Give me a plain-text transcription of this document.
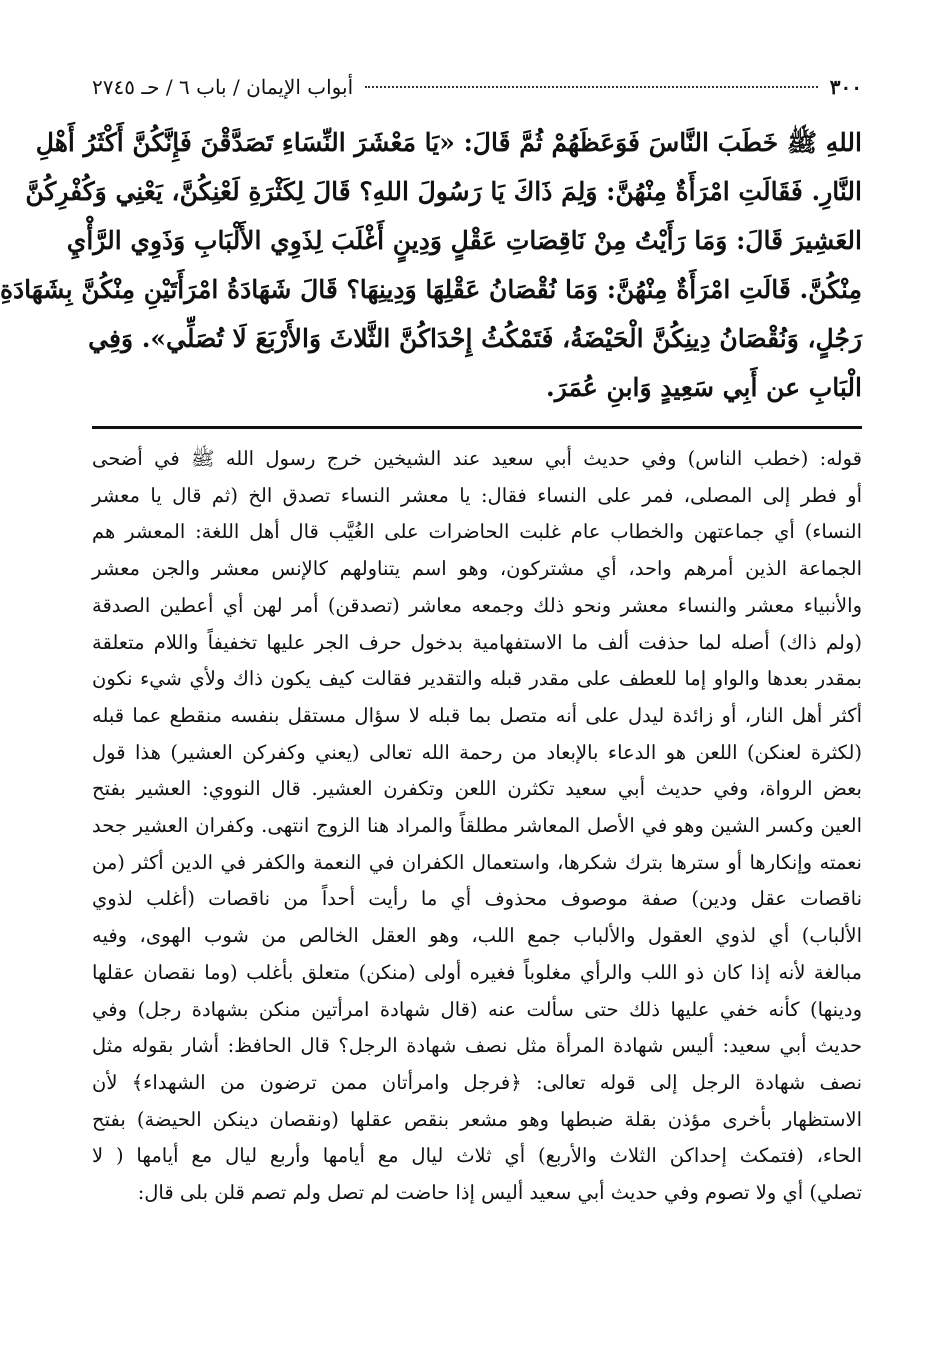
٣٠٠
أبواب الإيمان / باب ٦ / حـ ٢٧٤٥
اللهِ ﷺ خَطَبَ النَّاسَ فَوَعَظَهُمْ ثُمَّ قَالَ: «يَا مَعْشَرَ النِّسَاءِ تَصَدَّقْنَ فَإِنَّكُنَّ أَكْثَرُ أَهْلِ
النَّارِ. فَقَالَتِ امْرَأَةٌ مِنْهُنَّ: وَلِمَ ذَاكَ يَا رَسُولَ اللهِ؟ قَالَ لِكَثْرَةِ لَعْنِكُنَّ، يَعْنِي وَكُفْرِكُنَّ
العَشِيرَ قَالَ: وَمَا رَأَيْتُ مِنْ نَاقِصَاتِ عَقْلٍ وَدِينٍ أَغْلَبَ لِذَوِي الأَلْبَابِ وَذَوِي الرَّأْيِ
مِنْكُنَّ. قَالَتِ امْرَأَةٌ مِنْهُنَّ: وَمَا نُقْصَانُ عَقْلِهَا وَدِينِهَا؟ قَالَ شَهَادَةُ امْرَأَتَيْنِ مِنْكُنَّ بِشَهَادَةِ
رَجُلٍ، وَنُقْصَانُ دِينِكُنَّ الْحَيْضَةُ، فَتَمْكُثُ إِحْدَاكُنَّ الثَّلاثَ وَالأَرْبَعَ لَا تُصَلِّي». وَفِي
الْبَابِ عن أَبِي سَعِيدٍ وَابنِ عُمَرَ.
قوله: (خطب الناس) وفي حديث أبي سعيد عند الشيخين خرج رسول الله ﷺ في أضحى
أو فطر إلى المصلى، فمر على النساء فقال: يا معشر النساء تصدق الخ (ثم قال يا معشر
النساء) أي جماعتهن والخطاب عام غلبت الحاضرات على الغُيَّب قال أهل اللغة: المعشر هم
الجماعة الذين أمرهم واحد، أي مشتركون، وهو اسم يتناولهم كالإنس معشر والجن معشر
والأنبياء معشر والنساء معشر ونحو ذلك وجمعه معاشر (تصدقن) أمر لهن أي أعطين الصدقة
(ولم ذاك) أصله لما حذفت ألف ما الاستفهامية بدخول حرف الجر عليها تخفيفاً واللام متعلقة
بمقدر بعدها والواو إما للعطف على مقدر قبله والتقدير فقالت كيف يكون ذاك ولأي شيء نكون
أكثر أهل النار، أو زائدة ليدل على أنه متصل بما قبله لا سؤال مستقل بنفسه منقطع عما قبله
(لكثرة لعنكن) اللعن هو الدعاء بالإبعاد من رحمة الله تعالى (يعني وكفركن العشير) هذا قول
بعض الرواة، وفي حديث أبي سعيد تكثرن اللعن وتكفرن العشير. قال النووي: العشير بفتح
العين وكسر الشين وهو في الأصل المعاشر مطلقاً والمراد هنا الزوج انتهى. وكفران العشير جحد
نعمته وإنكارها أو سترها بترك شكرها، واستعمال الكفران في النعمة والكفر في الدين أكثر (من
ناقصات عقل ودين) صفة موصوف محذوف أي ما رأيت أحداً من ناقصات (أغلب لذوي
الألباب) أي لذوي العقول والألباب جمع اللب، وهو العقل الخالص من شوب الهوى، وفيه
مبالغة لأنه إذا كان ذو اللب والرأي مغلوباً فغيره أولى (منكن) متعلق بأغلب (وما نقصان عقلها
ودينها) كأنه خفي عليها ذلك حتى سألت عنه (قال شهادة امرأتين منكن بشهادة رجل) وفي
حديث أبي سعيد: أليس شهادة المرأة مثل نصف شهادة الرجل؟ قال الحافظ: أشار بقوله مثل
نصف شهادة الرجل إلى قوله تعالى: ﴿فرجل وامرأتان ممن ترضون من الشهداء﴾ لأن
الاستظهار بأخرى مؤذن بقلة ضبطها وهو مشعر بنقص عقلها (ونقصان دينكن الحيضة) بفتح
الحاء، (فتمكث إحداكن الثلاث والأربع) أي ثلاث ليال مع أيامها وأربع ليال مع أيامها ( لا
تصلي) أي ولا تصوم وفي حديث أبي سعيد أليس إذا حاضت لم تصل ولم تصم قلن بلى قال:
